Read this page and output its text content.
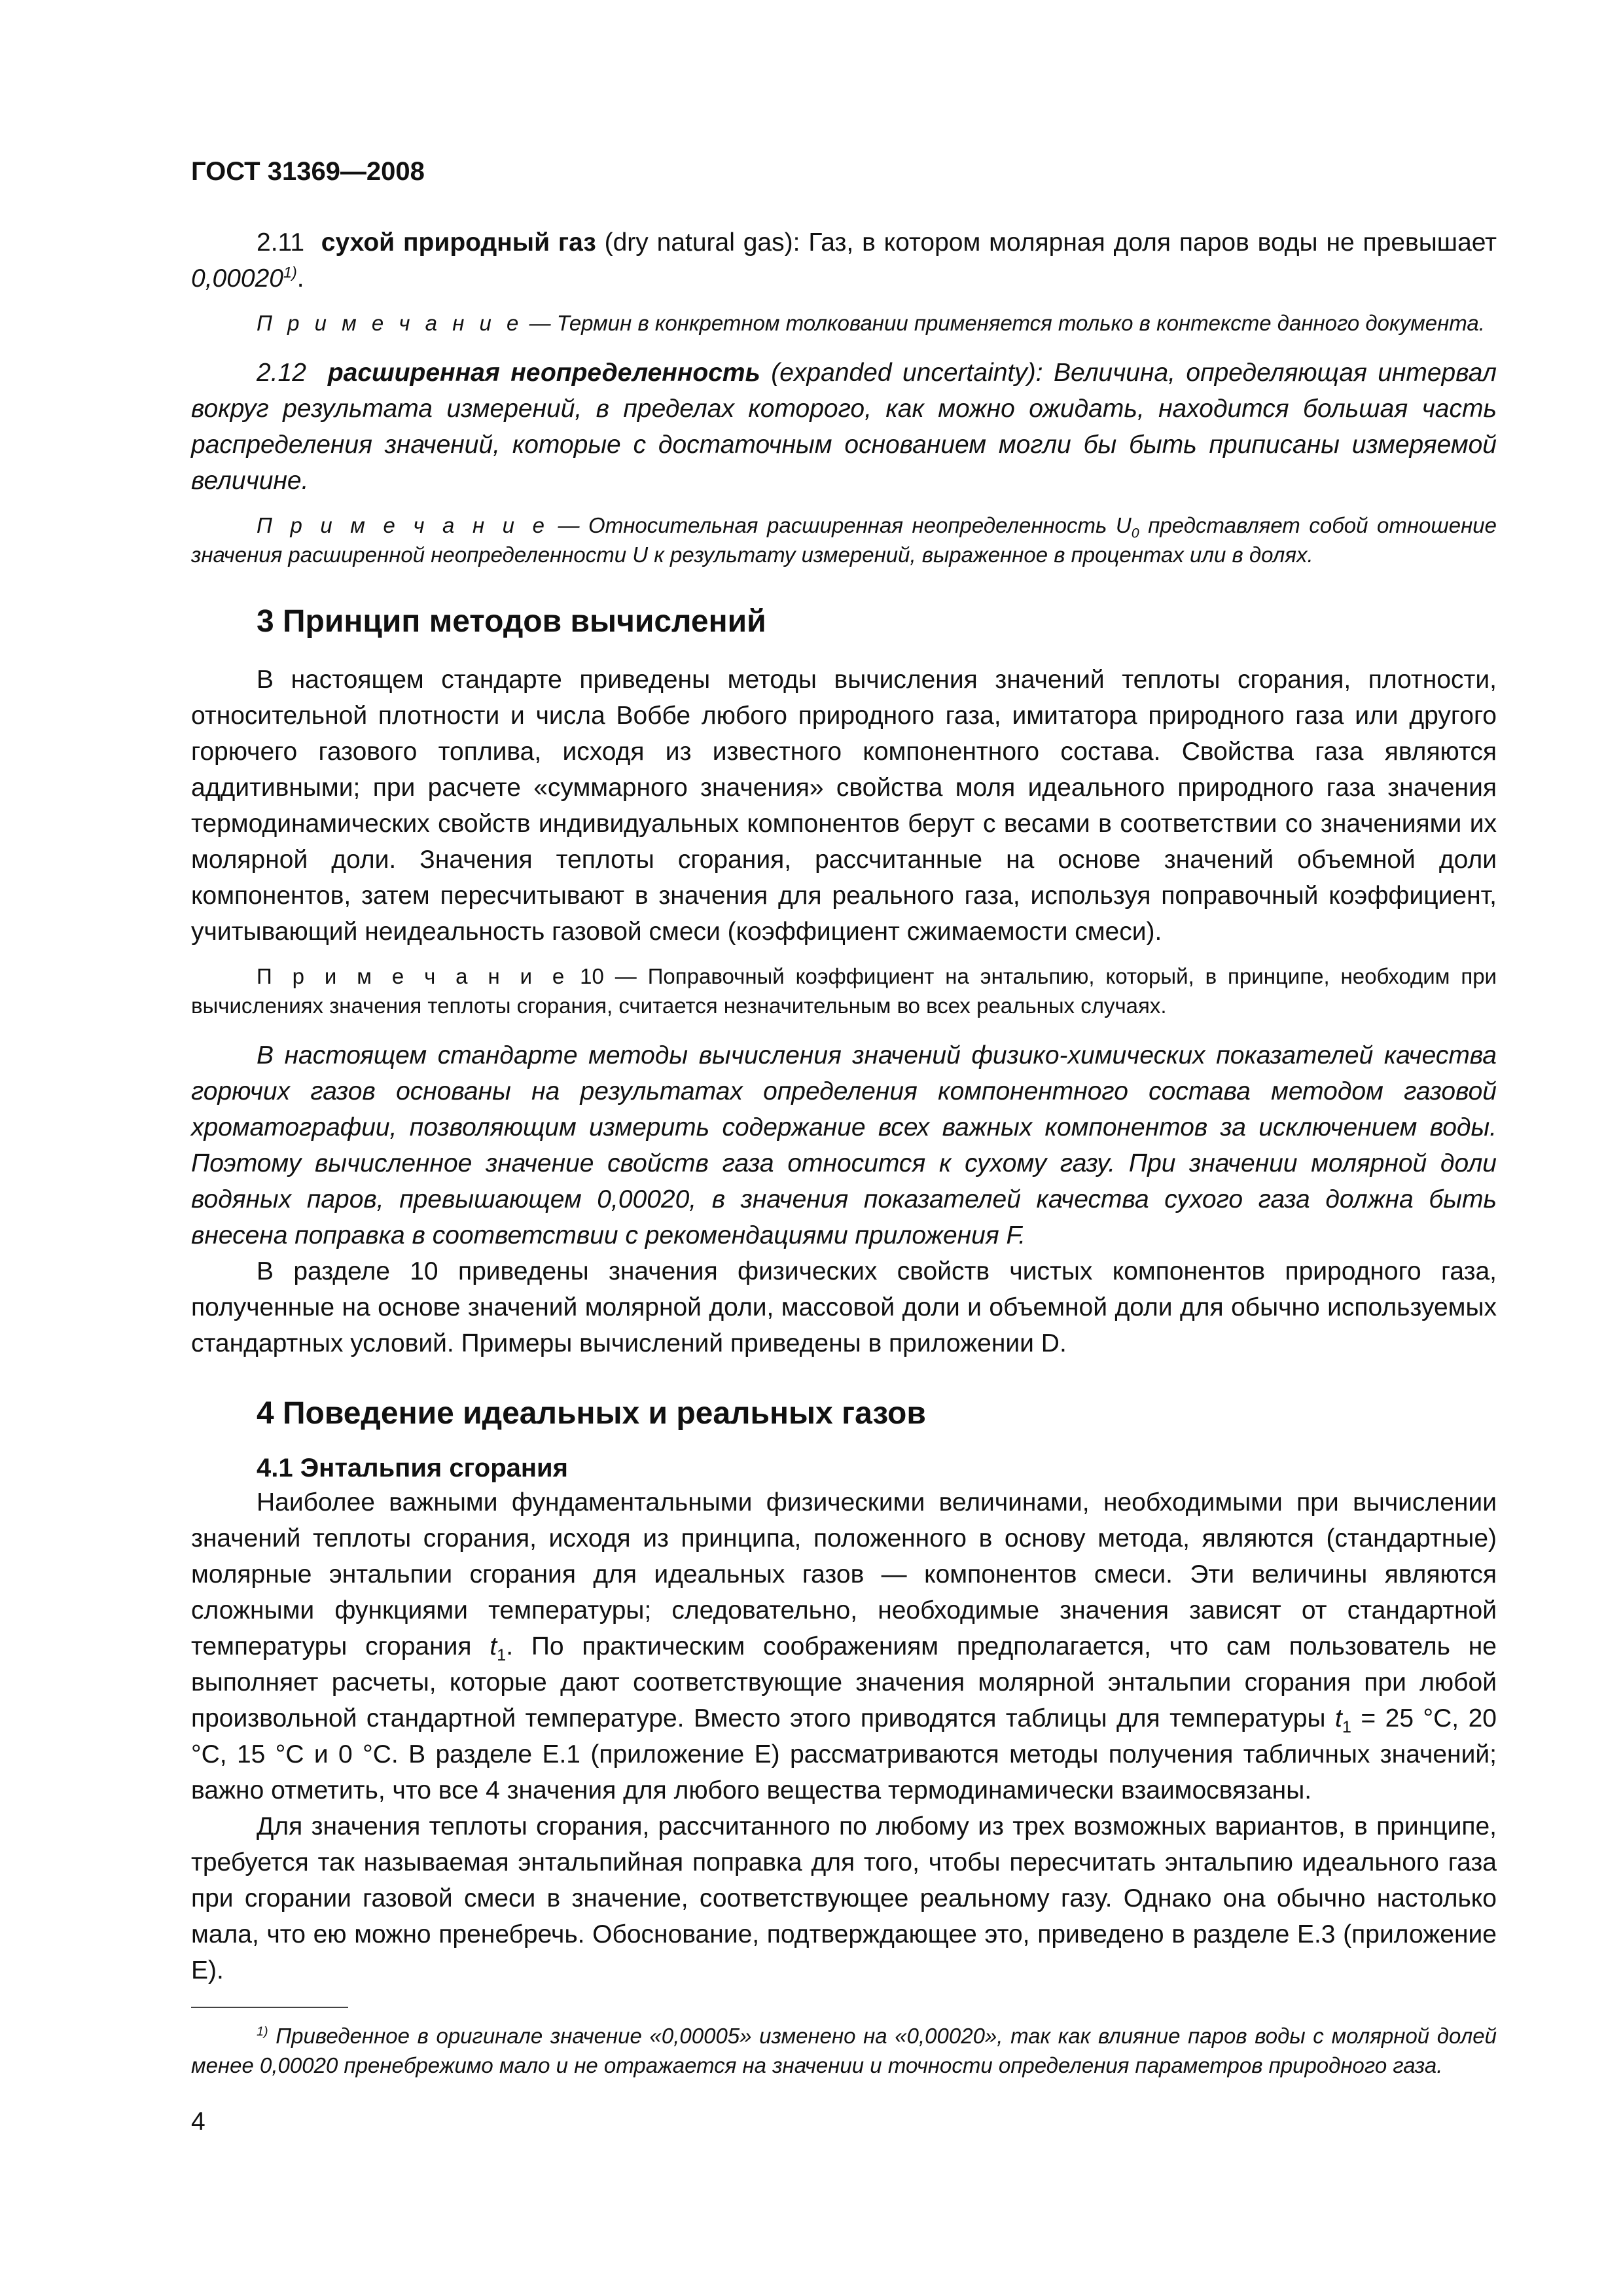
ГОСТ 31369—2008

2.11 сухой природный газ (dry natural gas): Газ, в котором молярная доля паров воды не превышает 0,00020$^{1)}$.

П р и м е ч а н и е — Термин в конкретном толковании применяется только в контексте данного документа.

2.12 расширенная неопределенность (expanded uncertainty): Величина, определяющая интервал вокруг результата измерений, в пределах которого, как можно ожидать, находится большая часть распределения значений, которые с достаточным основанием могли бы быть приписаны измеряемой величине.

П р и м е ч а н и е — Относительная расширенная неопределенность $U_0$ представляет собой отношение значения расширенной неопределенности U к результату измерений, выраженное в процентах или в долях.

3 Принцип методов вычислений

В настоящем стандарте приведены методы вычисления значений теплоты сгорания, плотности, относительной плотности и числа Воббе любого природного газа, имитатора природного газа или другого горючего газового топлива, исходя из известного компонентного состава. Свойства газа являются аддитивными; при расчете «суммарного значения» свойства моля идеального природного газа значения термодинамических свойств индивидуальных компонентов берут с весами в соответствии со значениями их молярной доли. Значения теплоты сгорания, рассчитанные на основе значений объемной доли компонентов, затем пересчитывают в значения для реального газа, используя поправочный коэффициент, учитывающий неидеальность газовой смеси (коэффициент сжимаемости смеси).

П р и м е ч а н и е 10 — Поправочный коэффициент на энтальпию, который, в принципе, необходим при вычислениях значения теплоты сгорания, считается незначительным во всех реальных случаях.

В настоящем стандарте методы вычисления значений физико-химических показателей качества горючих газов основаны на результатах определения компонентного состава методом газовой хроматографии, позволяющим измерить содержание всех важных компонентов за исключением воды. Поэтому вычисленное значение свойств газа относится к сухому газу. При значении молярной доли водяных паров, превышающем 0,00020, в значения показателей качества сухого газа должна быть внесена поправка в соответствии с рекомендациями приложения F.

В разделе 10 приведены значения физических свойств чистых компонентов природного газа, полученные на основе значений молярной доли, массовой доли и объемной доли для обычно используемых стандартных условий. Примеры вычислений приведены в приложении D.

4 Поведение идеальных и реальных газов
4.1 Энтальпия сгорания

Наиболее важными фундаментальными физическими величинами, необходимыми при вычислении значений теплоты сгорания, исходя из принципа, положенного в основу метода, являются (стандартные) молярные энтальпии сгорания для идеальных газов — компонентов смеси. Эти величины являются сложными функциями температуры; следовательно, необходимые значения зависят от стандартной температуры сгорания $t_1$. По практическим соображениям предполагается, что сам пользователь не выполняет расчеты, которые дают соответствующие значения молярной энтальпии сгорания при любой произвольной стандартной температуре. Вместо этого приводятся таблицы для температуры $t_1 = 25$ °C, 20 °C, 15 °C и 0 °C. В разделе Е.1 (приложение Е) рассматриваются методы получения табличных значений; важно отметить, что все 4 значения для любого вещества термодинамически взаимосвязаны.

Для значения теплоты сгорания, рассчитанного по любому из трех возможных вариантов, в принципе, требуется так называемая энтальпийная поправка для того, чтобы пересчитать энтальпию идеального газа при сгорании газовой смеси в значение, соответствующее реальному газу. Однако она обычно настолько мала, что ею можно пренебречь. Обоснование, подтверждающее это, приведено в разделе Е.3 (приложение Е).

$^{1)}$ Приведенное в оригинале значение «0,00005» изменено на «0,00020», так как влияние паров воды с молярной долей менее 0,00020 пренебрежимо мало и не отражается на значении и точности определения параметров природного газа.

4
